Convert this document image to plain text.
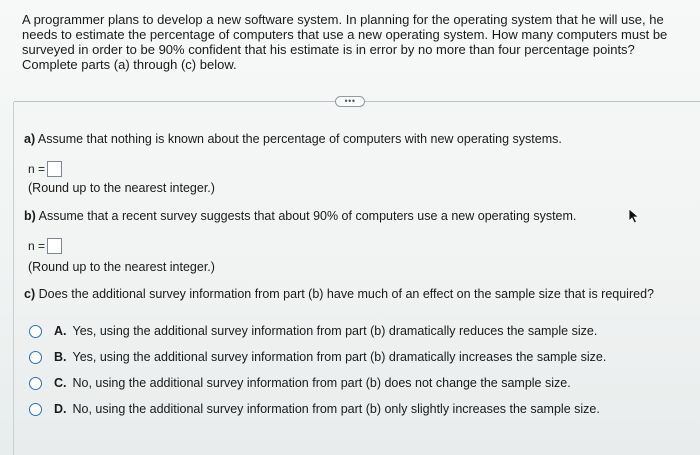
A programmer plans to develop a new software system. In planning for the operating system that he will use, he needs to estimate the percentage of computers that use a new operating system. How many computers must be surveyed in order to be 90% confident that his estimate is in error by no more than four percentage points? Complete parts (a) through (c) below.
•••
a) Assume that nothing is known about the percentage of computers with new operating systems.
n =
(Round up to the nearest integer.)
b) Assume that a recent survey suggests that about 90% of computers use a new operating system.
n =
(Round up to the nearest integer.)
c) Does the additional survey information from part (b) have much of an effect on the sample size that is required?
A. Yes, using the additional survey information from part (b) dramatically reduces the sample size.
B. Yes, using the additional survey information from part (b) dramatically increases the sample size.
C. No, using the additional survey information from part (b) does not change the sample size.
D. No, using the additional survey information from part (b) only slightly increases the sample size.
